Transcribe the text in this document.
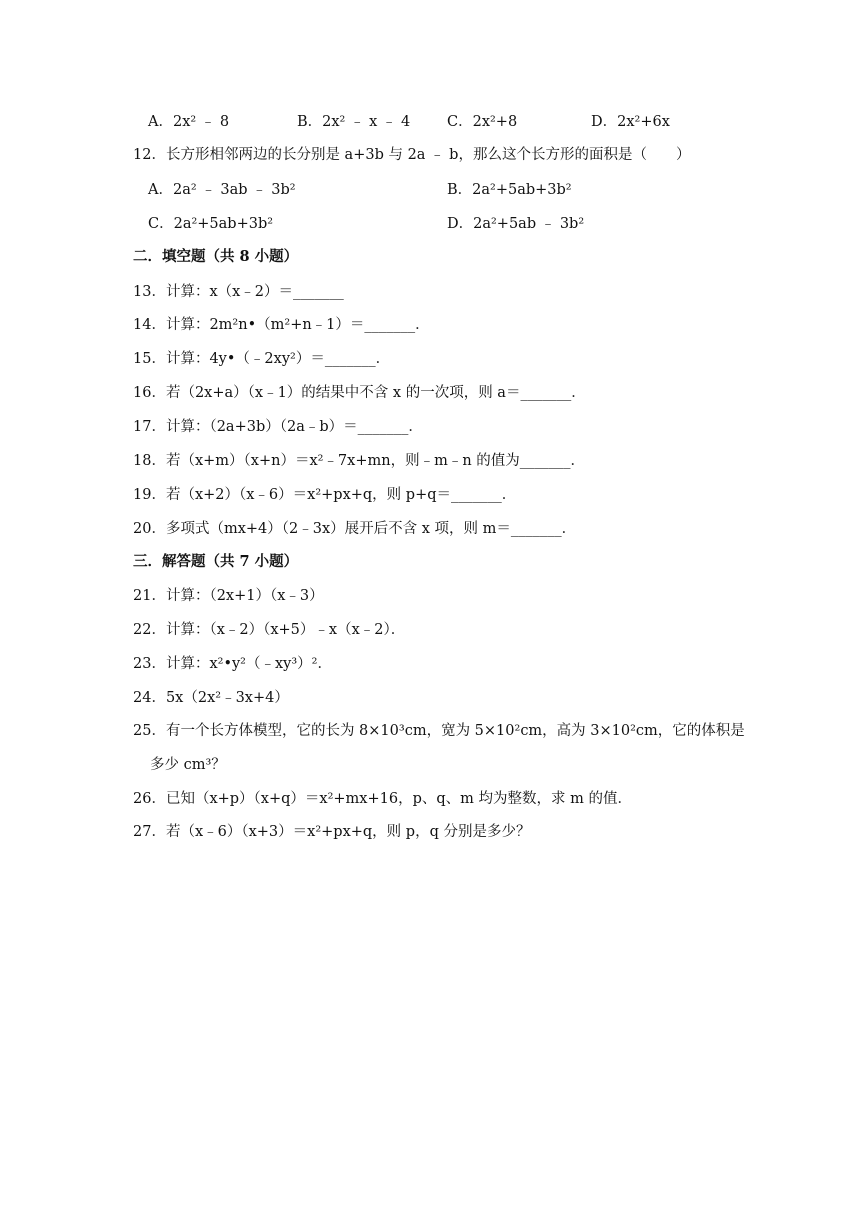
A．2x² ﹣ 8	B．2x² ﹣ x ﹣ 4	C．2x²+8	D．2x²+6x
12．长方形相邻两边的长分别是 a+3b 与 2a ﹣ b，那么这个长方形的面积是（　　）
A．2a² ﹣ 3ab ﹣ 3b²	B．2a²+5ab+3b²
C．2a²+5ab+3b²	D．2a²+5ab ﹣ 3b²
二．填空题（共 8 小题）
13．计算：x（x﹣2）＝_______
14．计算：2m²n•（m²+n﹣1）＝_______．
15．计算：4y•（﹣2xy²）＝_______．
16．若（2x+a）（x﹣1）的结果中不含 x 的一次项，则 a＝_______．
17．计算：（2a+3b）（2a﹣b）＝_______．
18．若（x+m）（x+n）＝x²﹣7x+mn，则﹣m﹣n 的值为_______．
19．若（x+2）（x﹣6）＝x²+px+q，则 p+q＝_______．
20．多项式（mx+4）（2﹣3x）展开后不含 x 项，则 m＝_______．
三．解答题（共 7 小题）
21．计算：（2x+1）（x﹣3）
22．计算：（x﹣2）（x+5）﹣x（x﹣2）．
23．计算：x²•y²（﹣xy³）²．
24．5x（2x²﹣3x+4）
25．有一个长方体模型，它的长为 8×10³cm，宽为 5×10²cm，高为 3×10²cm，它的体积是
多少 cm³？
26．已知（x+p）（x+q）＝x²+mx+16，p、q、m 均为整数，求 m 的值．
27．若（x﹣6）（x+3）＝x²+px+q，则 p，q 分别是多少？
